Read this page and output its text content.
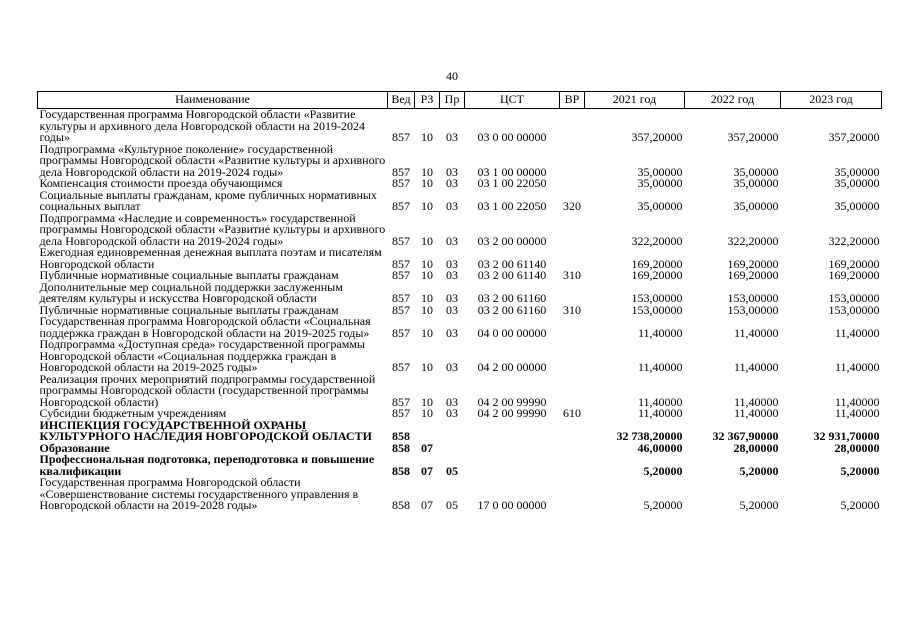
40
Наименование	Вед	РЗ	Пр	ЦСТ	ВР	2021 год	2022 год	2023 год
Государственная программа Новгородской области «Развитие культуры и архивного дела Новгородской области на 2019-2024 годы»	857	10	03	03 0 00 00000		357,20000	357,20000	357,20000
Подпрограмма «Культурное поколение» государственной программы Новгородской области «Развитие культуры и архивного дела Новгородской области на 2019-2024 годы»	857	10	03	03 1 00 00000		35,00000	35,00000	35,00000
Компенсация стоимости проезда обучающимся	857	10	03	03 1 00 22050		35,00000	35,00000	35,00000
Социальные выплаты гражданам, кроме публичных нормативных социальных выплат	857	10	03	03 1 00 22050	320	35,00000	35,00000	35,00000
Подпрограмма «Наследие и современность» государственной программы Новгородской области «Развитие культуры и архивного дела Новгородской области на 2019-2024 годы»	857	10	03	03 2 00 00000		322,20000	322,20000	322,20000
Ежегодная единовременная денежная выплата поэтам и писателям Новгородской области	857	10	03	03 2 00 61140		169,20000	169,20000	169,20000
Публичные нормативные социальные выплаты гражданам	857	10	03	03 2 00 61140	310	169,20000	169,20000	169,20000
Дополнительные мер социальной поддержки заслуженным деятелям культуры и искусства Новгородской области	857	10	03	03 2 00 61160		153,00000	153,00000	153,00000
Публичные нормативные социальные выплаты гражданам	857	10	03	03 2 00 61160	310	153,00000	153,00000	153,00000
Государственная программа Новгородской области «Социальная поддержка граждан в Новгородской области на 2019-2025 годы»	857	10	03	04 0 00 00000		11,40000	11,40000	11,40000
Подпрограмма «Доступная среда» государственной программы Новгородской области «Социальная поддержка граждан в Новгородской области на 2019-2025 годы»	857	10	03	04 2 00 00000		11,40000	11,40000	11,40000
Реализация прочих мероприятий подпрограммы государственной программы Новгородской области (государственной программы Новгородской области)	857	10	03	04 2 00 99990		11,40000	11,40000	11,40000
Субсидии бюджетным учреждениям	857	10	03	04 2 00 99990	610	11,40000	11,40000	11,40000
ИНСПЕКЦИЯ ГОСУДАРСТВЕННОЙ ОХРАНЫ КУЛЬТУРНОГО НАСЛЕДИЯ НОВГОРОДСКОЙ ОБЛАСТИ	858					32 738,20000	32 367,90000	32 931,70000
Образование	858	07				46,00000	28,00000	28,00000
Профессиональная подготовка, переподготовка и повышение квалификации	858	07	05			5,20000	5,20000	5,20000
Государственная программа Новгородской области «Совершенствование системы государственного управления в Новгородской области на 2019-2028 годы»	858	07	05	17 0 00 00000		5,20000	5,20000	5,20000
